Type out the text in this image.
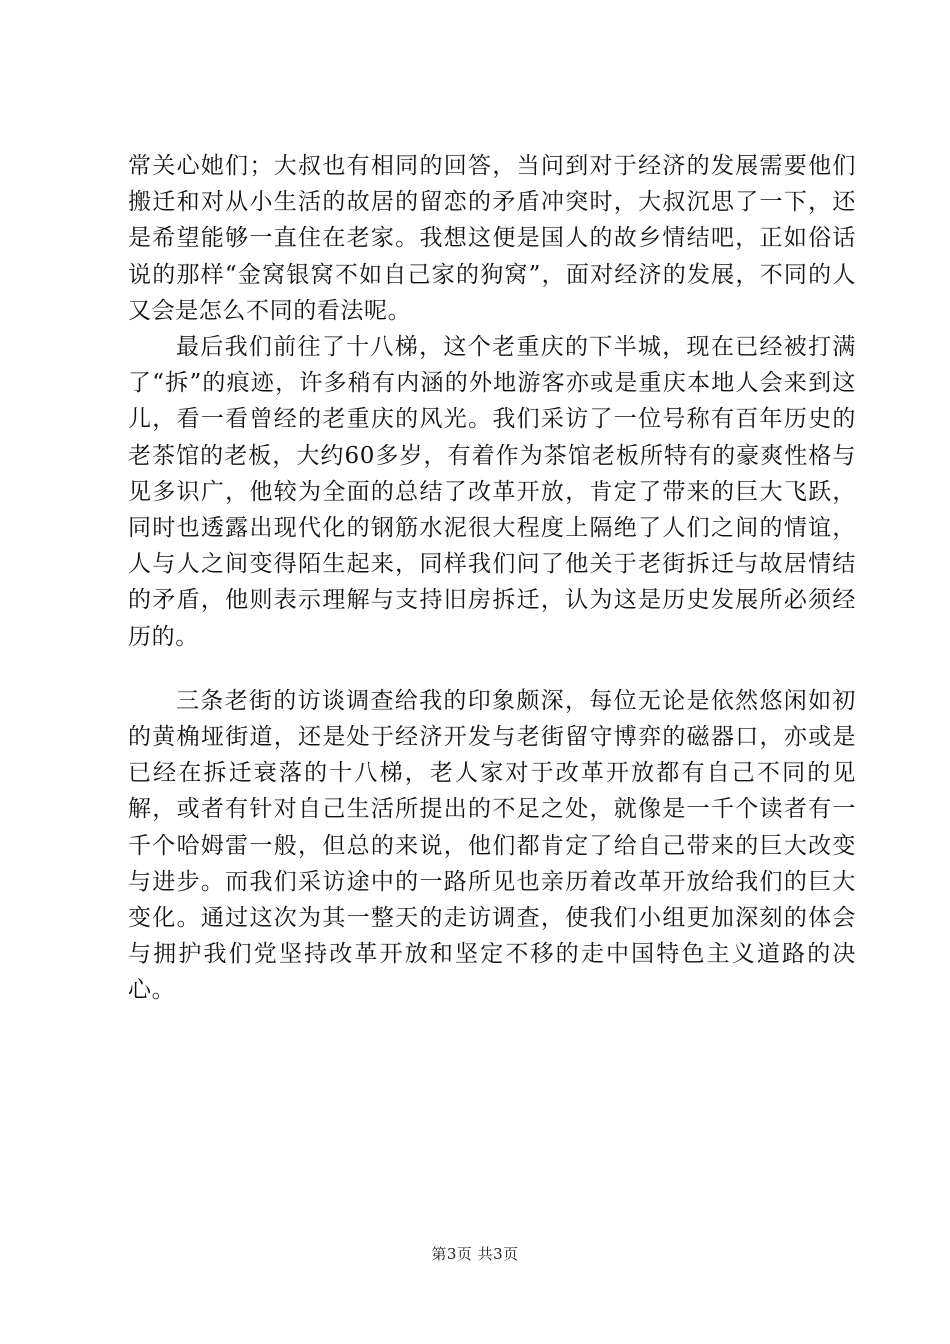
常关心她们；大叔也有相同的回答，当问到对于经济的发展需要他们搬迁和对从小生活的故居的留恋的矛盾冲突时，大叔沉思了一下，还是希望能够一直住在老家。我想这便是国人的故乡情结吧，正如俗话说的那样“金窝银窝不如自己家的狗窝”，面对经济的发展，不同的人又会是怎么不同的看法呢。

最后我们前往了十八梯，这个老重庆的下半城，现在已经被打满了“拆”的痕迹，许多稍有内涵的外地游客亦或是重庆本地人会来到这儿，看一看曾经的老重庆的风光。我们采访了一位号称有百年历史的老茶馆的老板，大约60多岁，有着作为茶馆老板所特有的豪爽性格与见多识广，他较为全面的总结了改革开放，肯定了带来的巨大飞跃，同时也透露出现代化的钢筋水泥很大程度上隔绝了人们之间的情谊，人与人之间变得陌生起来，同样我们问了他关于老街拆迁与故居情结的矛盾，他则表示理解与支持旧房拆迁，认为这是历史发展所必须经历的。

三条老街的访谈调查给我的印象颇深，每位无论是依然悠闲如初的黄桷垭街道，还是处于经济开发与老街留守博弈的磁器口，亦或是已经在拆迁衰落的十八梯，老人家对于改革开放都有自己不同的见解，或者有针对自己生活所提出的不足之处，就像是一千个读者有一千个哈姆雷一般，但总的来说，他们都肯定了给自己带来的巨大改变与进步。而我们采访途中的一路所见也亲历着改革开放给我们的巨大变化。通过这次为其一整天的走访调查，使我们小组更加深刻的体会与拥护我们党坚持改革开放和坚定不移的走中国特色主义道路的决心。

第3页 共3页
